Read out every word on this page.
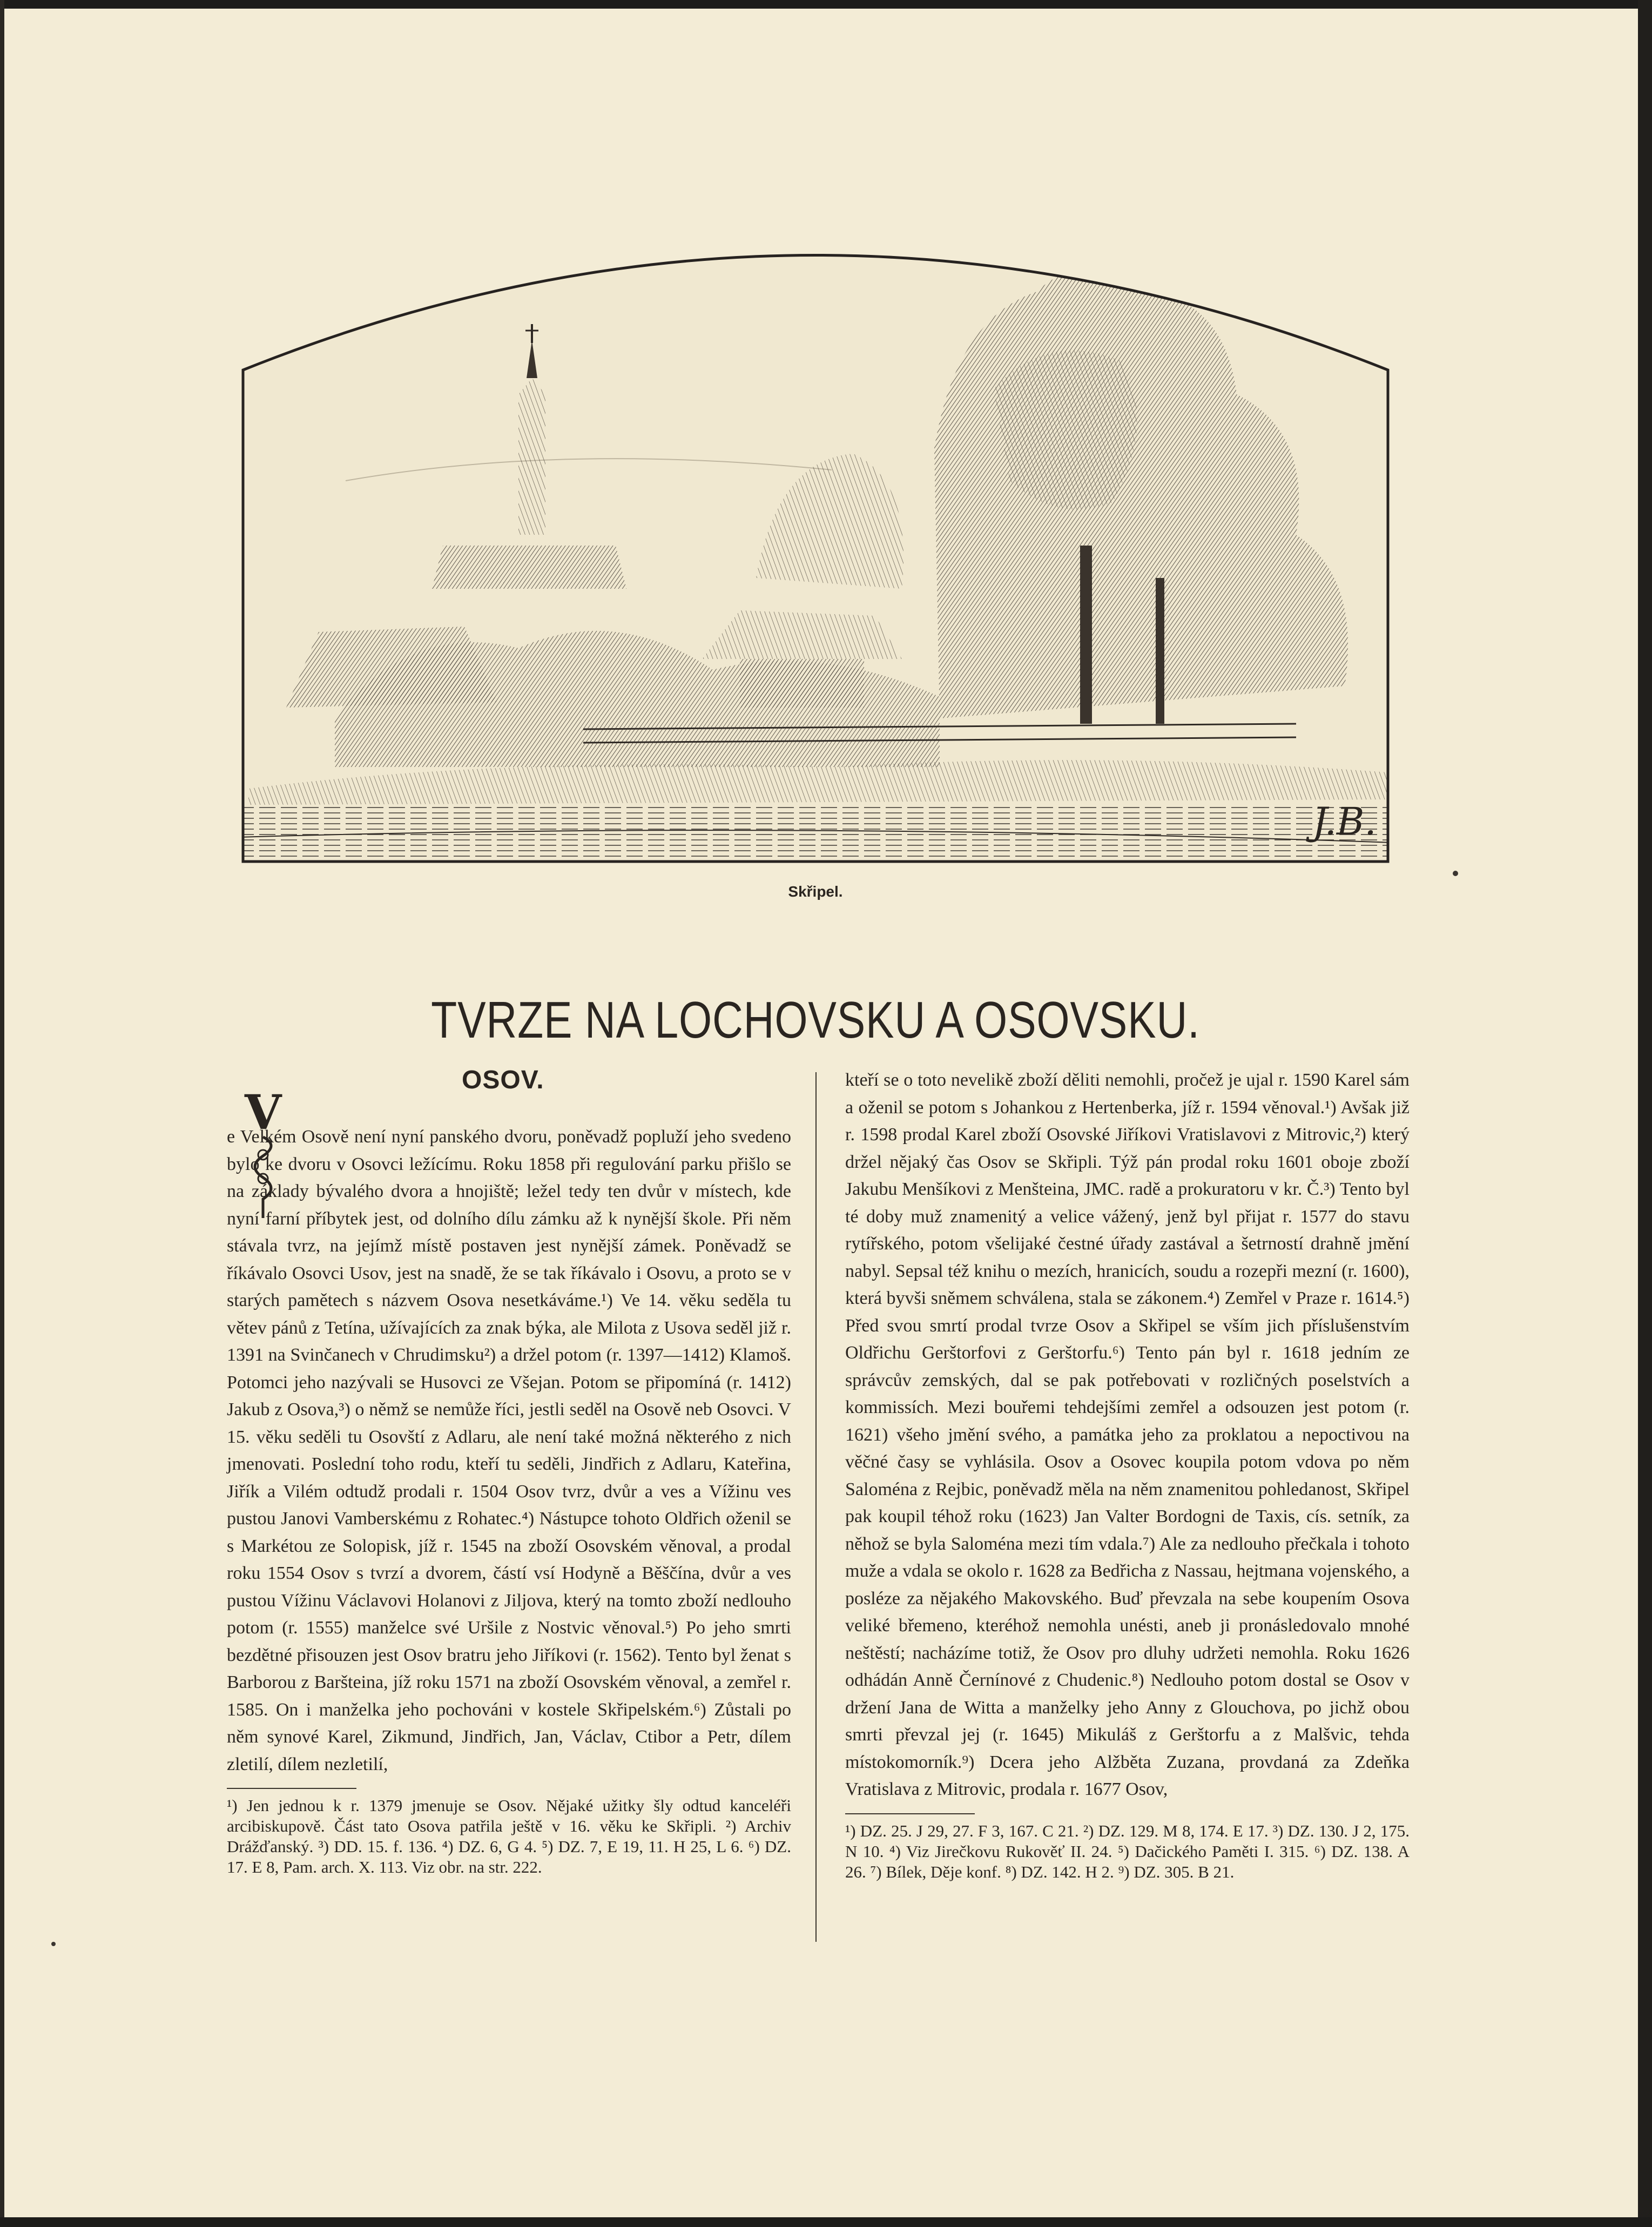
J.B.
Skřipel.
TVRZE NA LOCHOVSKU A OSOVSKU.
OSOV.
V

e Velkém Osově není nyní panského dvoru, poněvadž popluží jeho svedeno bylo ke dvoru v Osovci ležícímu. Roku 1858 při regulování parku přišlo se na základy bývalého dvora a hnojiště; ležel tedy ten dvůr v místech, kde nyní farní příbytek jest, od dolního dílu zámku až k nynější škole. Při něm stávala tvrz, na jejímž místě postaven jest nynější zámek. Poněvadž se říkávalo Osovci Usov, jest na snadě, že se tak říkávalo i Osovu, a proto se v starých pamětech s názvem Osova nesetkáváme.¹) Ve 14. věku seděla tu větev pánů z Tetína, užívajících za znak býka, ale Milota z Usova seděl již r. 1391 na Svinčanech v Chrudimsku²) a držel potom (r. 1397—1412) Klamoš. Potomci jeho nazývali se Husovci ze Všejan. Potom se připomíná (r. 1412) Jakub z Osova,³) o němž se nemůže říci, jestli seděl na Osově neb Osovci. V 15. věku seděli tu Osovští z Adlaru, ale není také možná některého z nich jmenovati. Poslední toho rodu, kteří tu seděli, Jindřich z Adlaru, Kateřina, Jiřík a Vilém odtudž prodali r. 1504 Osov tvrz, dvůr a ves a Vížinu ves pustou Janovi Vamberskému z Rohatec.⁴) Nástupce tohoto Oldřich oženil se s Markétou ze Solopisk, jíž r. 1545 na zboží Osovském věnoval, a prodal roku 1554 Osov s tvrzí a dvorem, částí vsí Hodyně a Běščína, dvůr a ves pustou Vížinu Václavovi Holanovi z Jiljova, který na tomto zboží nedlouho potom (r. 1555) manželce své Uršile z Nostvic věnoval.⁵) Po jeho smrti bezdětné přisouzen jest Osov bratru jeho Jiříkovi (r. 1562). Tento byl ženat s Barborou z Baršteina, jíž roku 1571 na zboží Osovském věnoval, a zemřel r. 1585. On i manželka jeho pochováni v kostele Skřipelském.⁶) Zůstali po něm synové Karel, Zikmund, Jindřich, Jan, Václav, Ctibor a Petr, dílem zletilí, dílem nezletilí,

¹) Jen jednou k r. 1379 jmenuje se Osov. Nějaké užitky šly odtud kanceléři arcibiskupově. Část tato Osova patřila ještě v 16. věku ke Skřipli. ²) Archiv Drážďanský. ³) DD. 15. f. 136. ⁴) DZ. 6, G 4. ⁵) DZ. 7, E 19, 11. H 25, L 6. ⁶) DZ. 17. E 8, Pam. arch. X. 113. Viz obr. na str. 222.

kteří se o toto nevelikě zboží děliti nemohli, pročež je ujal r. 1590 Karel sám a oženil se potom s Johankou z Hertenberka, jíž r. 1594 věnoval.¹) Avšak již r. 1598 prodal Karel zboží Osovské Jiříkovi Vratislavovi z Mitrovic,²) který držel nějaký čas Osov se Skřipli. Týž pán prodal roku 1601 oboje zboží Jakubu Menšíkovi z Menšteina, JMC. radě a prokuratoru v kr. Č.³) Tento byl té doby muž znamenitý a velice vážený, jenž byl přijat r. 1577 do stavu rytířského, potom všelijaké čestné úřady zastával a šetrností drahně jmění nabyl. Sepsal též knihu o mezích, hranicích, soudu a rozepři mezní (r. 1600), která byvši sněmem schválena, stala se zákonem.⁴) Zemřel v Praze r. 1614.⁵) Před svou smrtí prodal tvrze Osov a Skřipel se vším jich příslušenstvím Oldřichu Gerštorfovi z Gerštorfu.⁶) Tento pán byl r. 1618 jedním ze správcův zemských, dal se pak potřebovati v rozličných poselstvích a kommissích. Mezi bouřemi tehdejšími zemřel a odsouzen jest potom (r. 1621) všeho jmění svého, a památka jeho za proklatou a nepoctivou na věčné časy se vyhlásila. Osov a Osovec koupila potom vdova po něm Saloména z Rejbic, poněvadž měla na něm znamenitou pohledanost, Skřipel pak koupil téhož roku (1623) Jan Valter Bordogni de Taxis, cís. setník, za něhož se byla Saloména mezi tím vdala.⁷) Ale za nedlouho přečkala i tohoto muže a vdala se okolo r. 1628 za Bedřicha z Nassau, hejtmana vojenského, a posléze za nějakého Makovského. Buď převzala na sebe koupením Osova veliké břemeno, kteréhož nemohla unésti, aneb ji pronásledovalo mnohé neštěstí; nacházíme totiž, že Osov pro dluhy udržeti nemohla. Roku 1626 odhádán Anně Černínové z Chudenic.⁸) Nedlouho potom dostal se Osov v držení Jana de Witta a manželky jeho Anny z Glouchova, po jichž obou smrti převzal jej (r. 1645) Mikuláš z Gerštorfu a z Malšvic, tehda místokomorník.⁹) Dcera jeho Alžběta Zuzana, provdaná za Zdeňka Vratislava z Mitrovic, prodala r. 1677 Osov,

¹) DZ. 25. J 29, 27. F 3, 167. C 21. ²) DZ. 129. M 8, 174. E 17. ³) DZ. 130. J 2, 175. N 10. ⁴) Viz Jirečkovu Rukověť II. 24. ⁵) Dačického Paměti I. 315. ⁶) DZ. 138. A 26. ⁷) Bílek, Děje konf. ⁸) DZ. 142. H 2. ⁹) DZ. 305. B 21.
